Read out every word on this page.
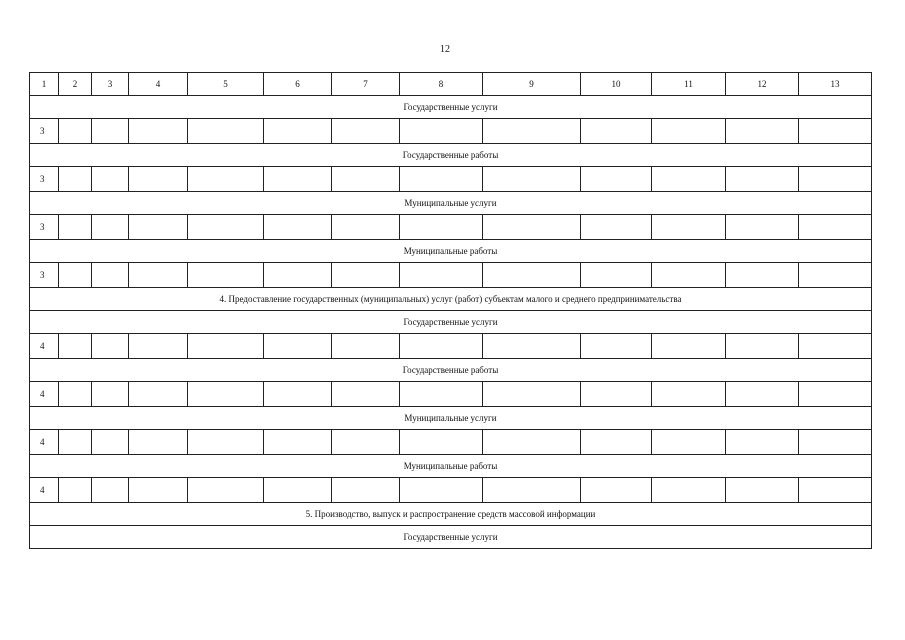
12
1	2	3	4	5	6	7	8	9	10	11	12	13
Государственные услуги												
3												
Государственные работы												
3												
Муниципальные услуги												
3												
Муниципальные работы												
3												
4. Предоставление государственных (муниципальных) услуг (работ) субъектам малого и среднего предпринимательства												
Государственные услуги												
4												
Государственные работы												
4												
Муниципальные услуги												
4												
Муниципальные работы												
4												
5. Производство, выпуск и распространение средств массовой информации												
Государственные услуги												
